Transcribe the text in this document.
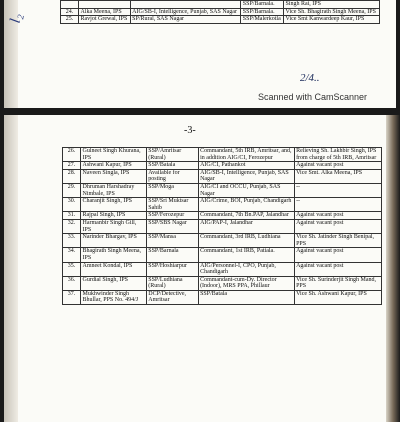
l₂
			SSP/Barnala.	Singh Rai, IPS
24.	Alka Meena, IPS	AIG/SB-I, Intelligence, Punjab, SAS Nagar	SSP/Barnala.	Vice Sh. Bhagirath Singh Meena, IPS
25.	Ravjot Grewal, IPS	SP/Rural, SAS Nagar	SSP/Malerkotla	Vice Smt Kanwardeep Kaur, IPS
2/4..
Scanned with CamScanner
-3-
26.	Gulneet Singh Khurana, IPS	SSP/Amritsar (Rural)	Commandant, 5th IRB, Amritsar, and, in addition AIG/CI, Ferozepur	Relieving Sh. Lakhbir Singh, IPS from charge of 5th IRB, Amritsar
27.	Ashwani Kapur, IPS	SSP/Batala	AIG/CI, Pathankot	Against vacant post
28.	Naveen Singla, IPS	Available for posting	AIG/SB-I, Intelligence, Punjab, SAS Nagar	Vice Smt. Alka Meena, IPS
29.	Dhruman Harshadray Nimbale, IPS	SSP/Moga	AIG/CI and OCCU, Punjab, SAS Nagar	--
30.	Charanjit Singh, IPS	SSP/Sri Muktsar Sahib	AIG/Crime, BOI, Punjab, Chandigarh	--
31.	Rajpal Singh, IPS	SSP/Ferozepur	Commandant, 7th Bn.PAP, Jalandhar	Against vacant post
32.	Harmanbir Singh Gill, IPS	SSP/SBS Nagar	AIG/PAP-I, Jalandhar	Against vacant post
33.	Narinder Bhargav, IPS	SSP/Mansa	Commandant, 3rd IRB, Ludhiana	Vice Sh. Jatinder Singh Benipal, PPS
34.	Bhagirath Singh Meena, IPS	SSP/Barnala	Commandant, 1st IRB, Patiala.	Against vacant post
35.	Amneet Kondal, IPS	SSP/Hoshiarpur	AIG/Personnel-I, CPO, Punjab, Chandigarh	Against vacant post
36.	Gurdial Singh, IPS	SSP/Ludhiana (Rural)	Commandant-cum-Dy. Director (Indoor), MRS PPA, Phillaur	Vice Sh. Surinderjit Singh Mand, PPS
37.	Mukhwinder Singh Bhullar, PPS No. 494/J	DCP/Detective, Amritsar	SSP/Batala	Vice Sh. Ashwani Kapur, IPS
